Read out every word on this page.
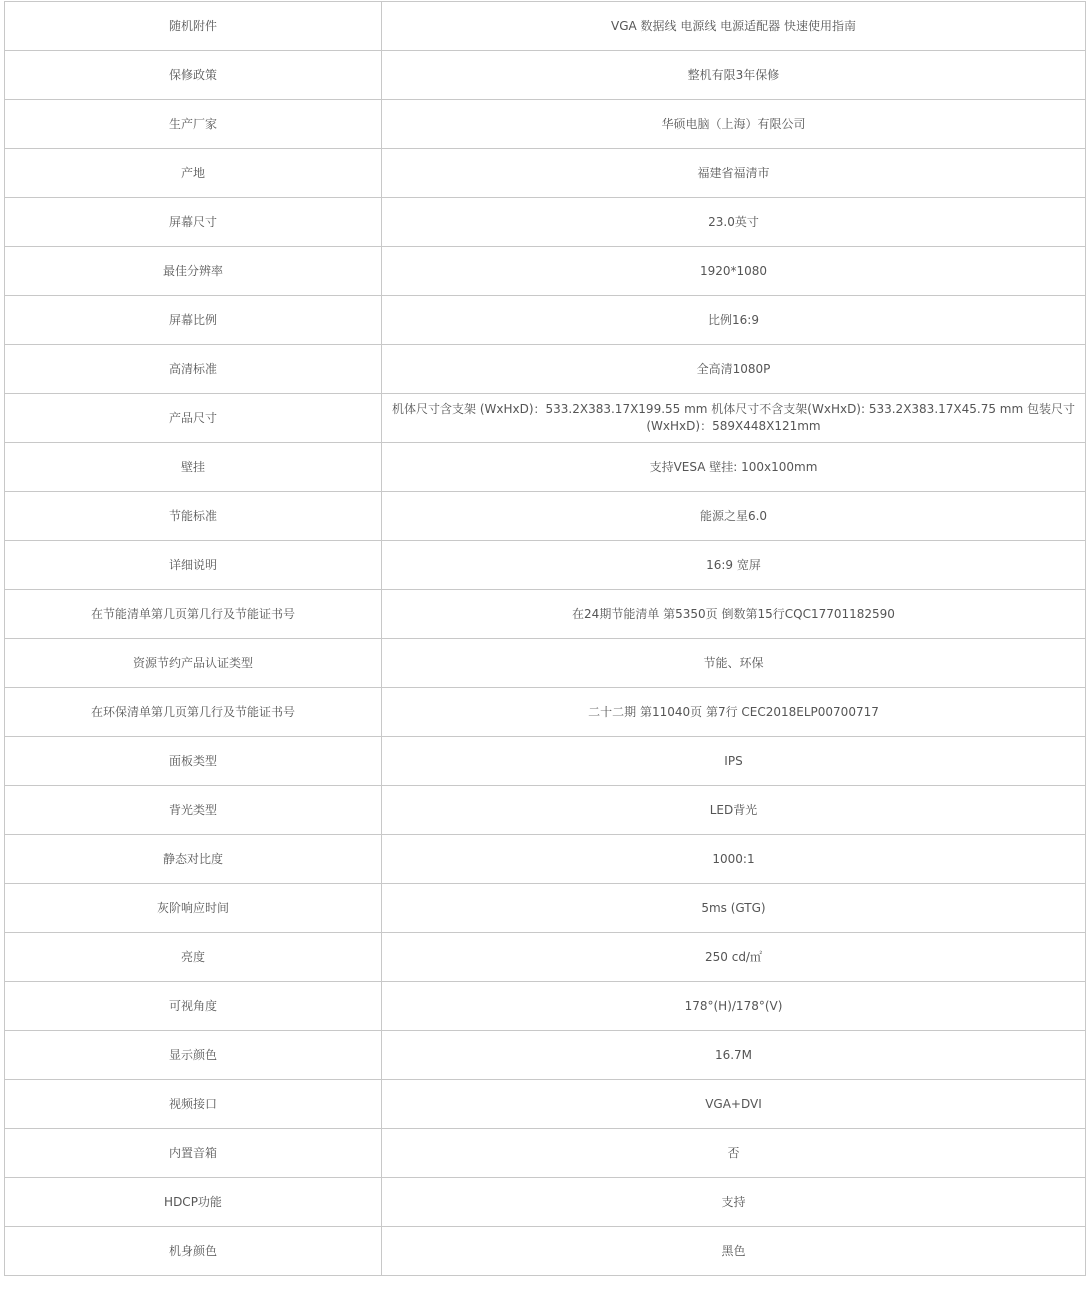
随机附件	VGA 数据线 电源线 电源适配器 快速使用指南
保修政策	整机有限3年保修
生产厂家	华硕电脑（上海）有限公司
产地	福建省福清市
屏幕尺寸	23.0英寸
最佳分辨率	1920*1080
屏幕比例	比例16:9
高清标准	全高清1080P
产品尺寸	机体尺寸含支架 (WxHxD)：533.2X383.17X199.55 mm 机体尺寸不含支架(WxHxD): 533.2X383.17X45.75 mm 包装尺寸(WxHxD)：589X448X121mm
壁挂	支持VESA 壁挂: 100x100mm
节能标准	能源之星6.0
详细说明	16:9 宽屏
在节能清单第几页第几行及节能证书号	在24期节能清单 第5350页 倒数第15行CQC17701182590
资源节约产品认证类型	节能、环保
在环保清单第几页第几行及节能证书号	二十二期 第11040页 第7行 CEC2018ELP00700717
面板类型	IPS
背光类型	LED背光
静态对比度	1000:1
灰阶响应时间	5ms (GTG)
亮度	250 cd/㎡
可视角度	178°(H)/178°(V)
显示颜色	16.7M
视频接口	VGA+DVI
内置音箱	否
HDCP功能	支持
机身颜色	黑色
